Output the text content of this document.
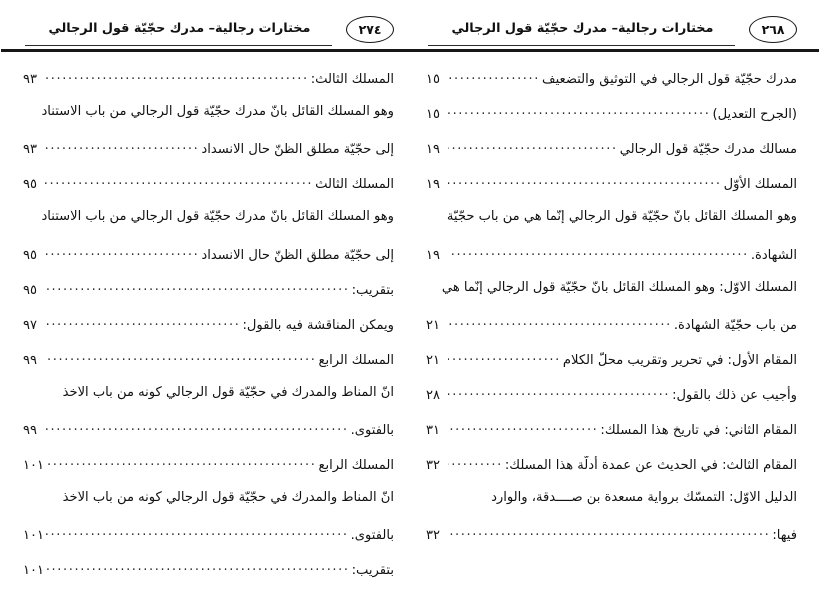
٢٦٨
مختارات رجالية– مدرك حجّيّة قول الرجالي
مدرك حجّيّة قول الرجالي في التوثيق والتضعيف
.....
١٥
(الجرح التعديل)
.....
١٥
مسالك مدرك حجّيّة قول الرجالي
.....
١٩
المسلك الأوّل
.....
١٩
وهو المسلك القائل بأنَّ حجّيّة قول الرجالي إنّما هي من باب حجّيّة
الشهادة.
.....
١٩
المسلك الأوّل: وهو المسلك القائل بأنَّ حجّيّة قول الرجالي إنّما هي
من باب حجّيّة الشهادة.
.....
٢١
المقام الأول: في تحرير وتقريب محلّ الكلام
.....
٢١
وأُجيب عن ذلك بالقول:
.....
٢٨
المقام الثاني: في تاريخ هذا المسلك:
.....
٣١
المقام الثالث: في الحديث عن عمدة أدلّة هذا المسلك:
.....
٣٢
الدليل الأوّل: التمسّك برواية مسعدة بن صــــدقة، والوارد
فيها:
.....
٣٢
٢٧٤
مختارات رجالية– مدرك حجّيّة قول الرجالي
المسلك الثالث:
.....
٩٣
وهو المسلك القائل بأنَّ مدرك حجّيّة قول الرجالي من باب الاستناد
إلى حجّيّة مطلق الظنّ حال الانسداد
.....
٩٣
المسلك الثالث
.....
٩٥
وهو المسلك القائل بأنَّ مدرك حجّيّة قول الرجالي من باب الاستناد
إلى حجّيّة مطلق الظنّ حال الانسداد
.....
٩٥
بتقريب:
.....
٩٥
ويمكن المناقشة فيه بالقول:
.....
٩٧
المسلك الرابع
.....
٩٩
أنَّ المناط والمدرك في حجّيّة قول الرجالي كونه من باب الأخذ
بالفتوى.
.....
٩٩
المسلك الرابع
.....
١٠١
أنَّ المناط والمدرك في حجّيّة قول الرجالي كونه من باب الأخذ
بالفتوى.
.....
١٠١
بتقريب:
.....
١٠١
